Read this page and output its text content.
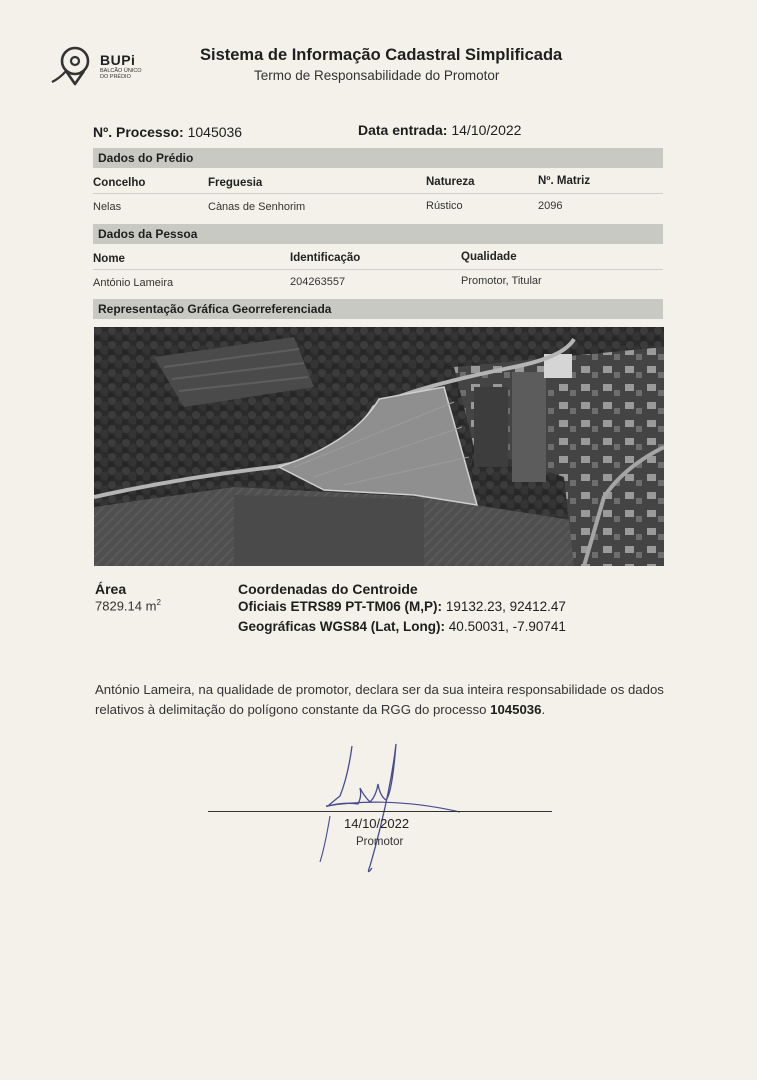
BUPi
BALCÃO ÚNICO DO PRÉDIO
Sistema de Informação Cadastral Simplificada
Termo de Responsabilidade do Promotor
Nº. Processo: 1045036	Data entrada: 14/10/2022
Dados do Prédio
Concelho	Freguesia	Natureza	Nº. Matriz
Nelas	Cànas de Senhorim	Rústico	2096
Dados da Pessoa
Nome	Identificação	Qualidade
António Lameira	204263557	Promotor, Titular
Representação Gráfica Georreferenciada
Área
7829.14 $m^2$
Coordenadas do Centroide
Oficiais ETRS89 PT-TM06 (M,P): 19132.23, 92412.47
Geográficas WGS84 (Lat, Long): 40.50031, -7.90741
António Lameira, na qualidade de promotor, declara ser da sua inteira responsabilidade os dados relativos à delimitação do polígono constante da RGG do processo 1045036.
14/10/2022
Promotor
